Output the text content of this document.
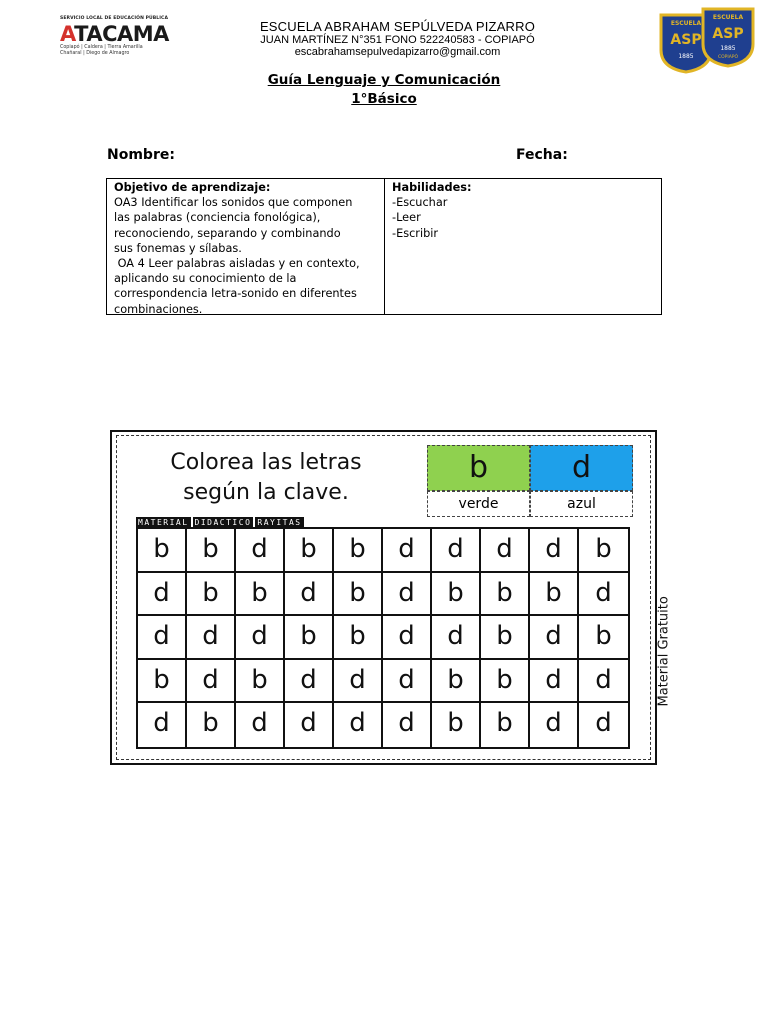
SERVICIO LOCAL DE EDUCACIÓN PÚBLICA
ATACAMA
Copiapó | Caldera | Tierra Amarilla
Chañaral | Diego de Almagro
ESCUELA ABRAHAM SEPÚLVEDA PIZARRO
JUAN MARTÍNEZ N°351 FONO 522240583 - COPIAPÓ
escabrahamsepulvedapizarro@gmail.com
ESCUELA
ASP
1885
ESCUELA
ASP
1885
COPIAPÓ
Guía Lenguaje y Comunicación
1°Básico
Nombre:	Fecha:
Objetivo de aprendizaje:
OA3 Identificar los sonidos que componen
las palabras (conciencia fonológica),
reconociendo, separando y combinando
sus fonemas y sílabas.
OA 4 Leer palabras aisladas y en contexto,
aplicando su conocimiento de la
correspondencia letra-sonido en diferentes
combinaciones.
Habilidades:
-Escuchar
-Leer
-Escribir
Colorea las letras
según la clave.
b	d
verde	azul
MATERIAL DIDACTICO RAYITAS
b	b	d	b	b	d	d	d	d	b
d	b	b	d	b	d	b	b	b	d
d	d	d	b	b	d	d	b	d	b
b	d	b	d	d	d	b	b	d	d
d	b	d	d	d	d	b	b	d	d
Material Gratuito
